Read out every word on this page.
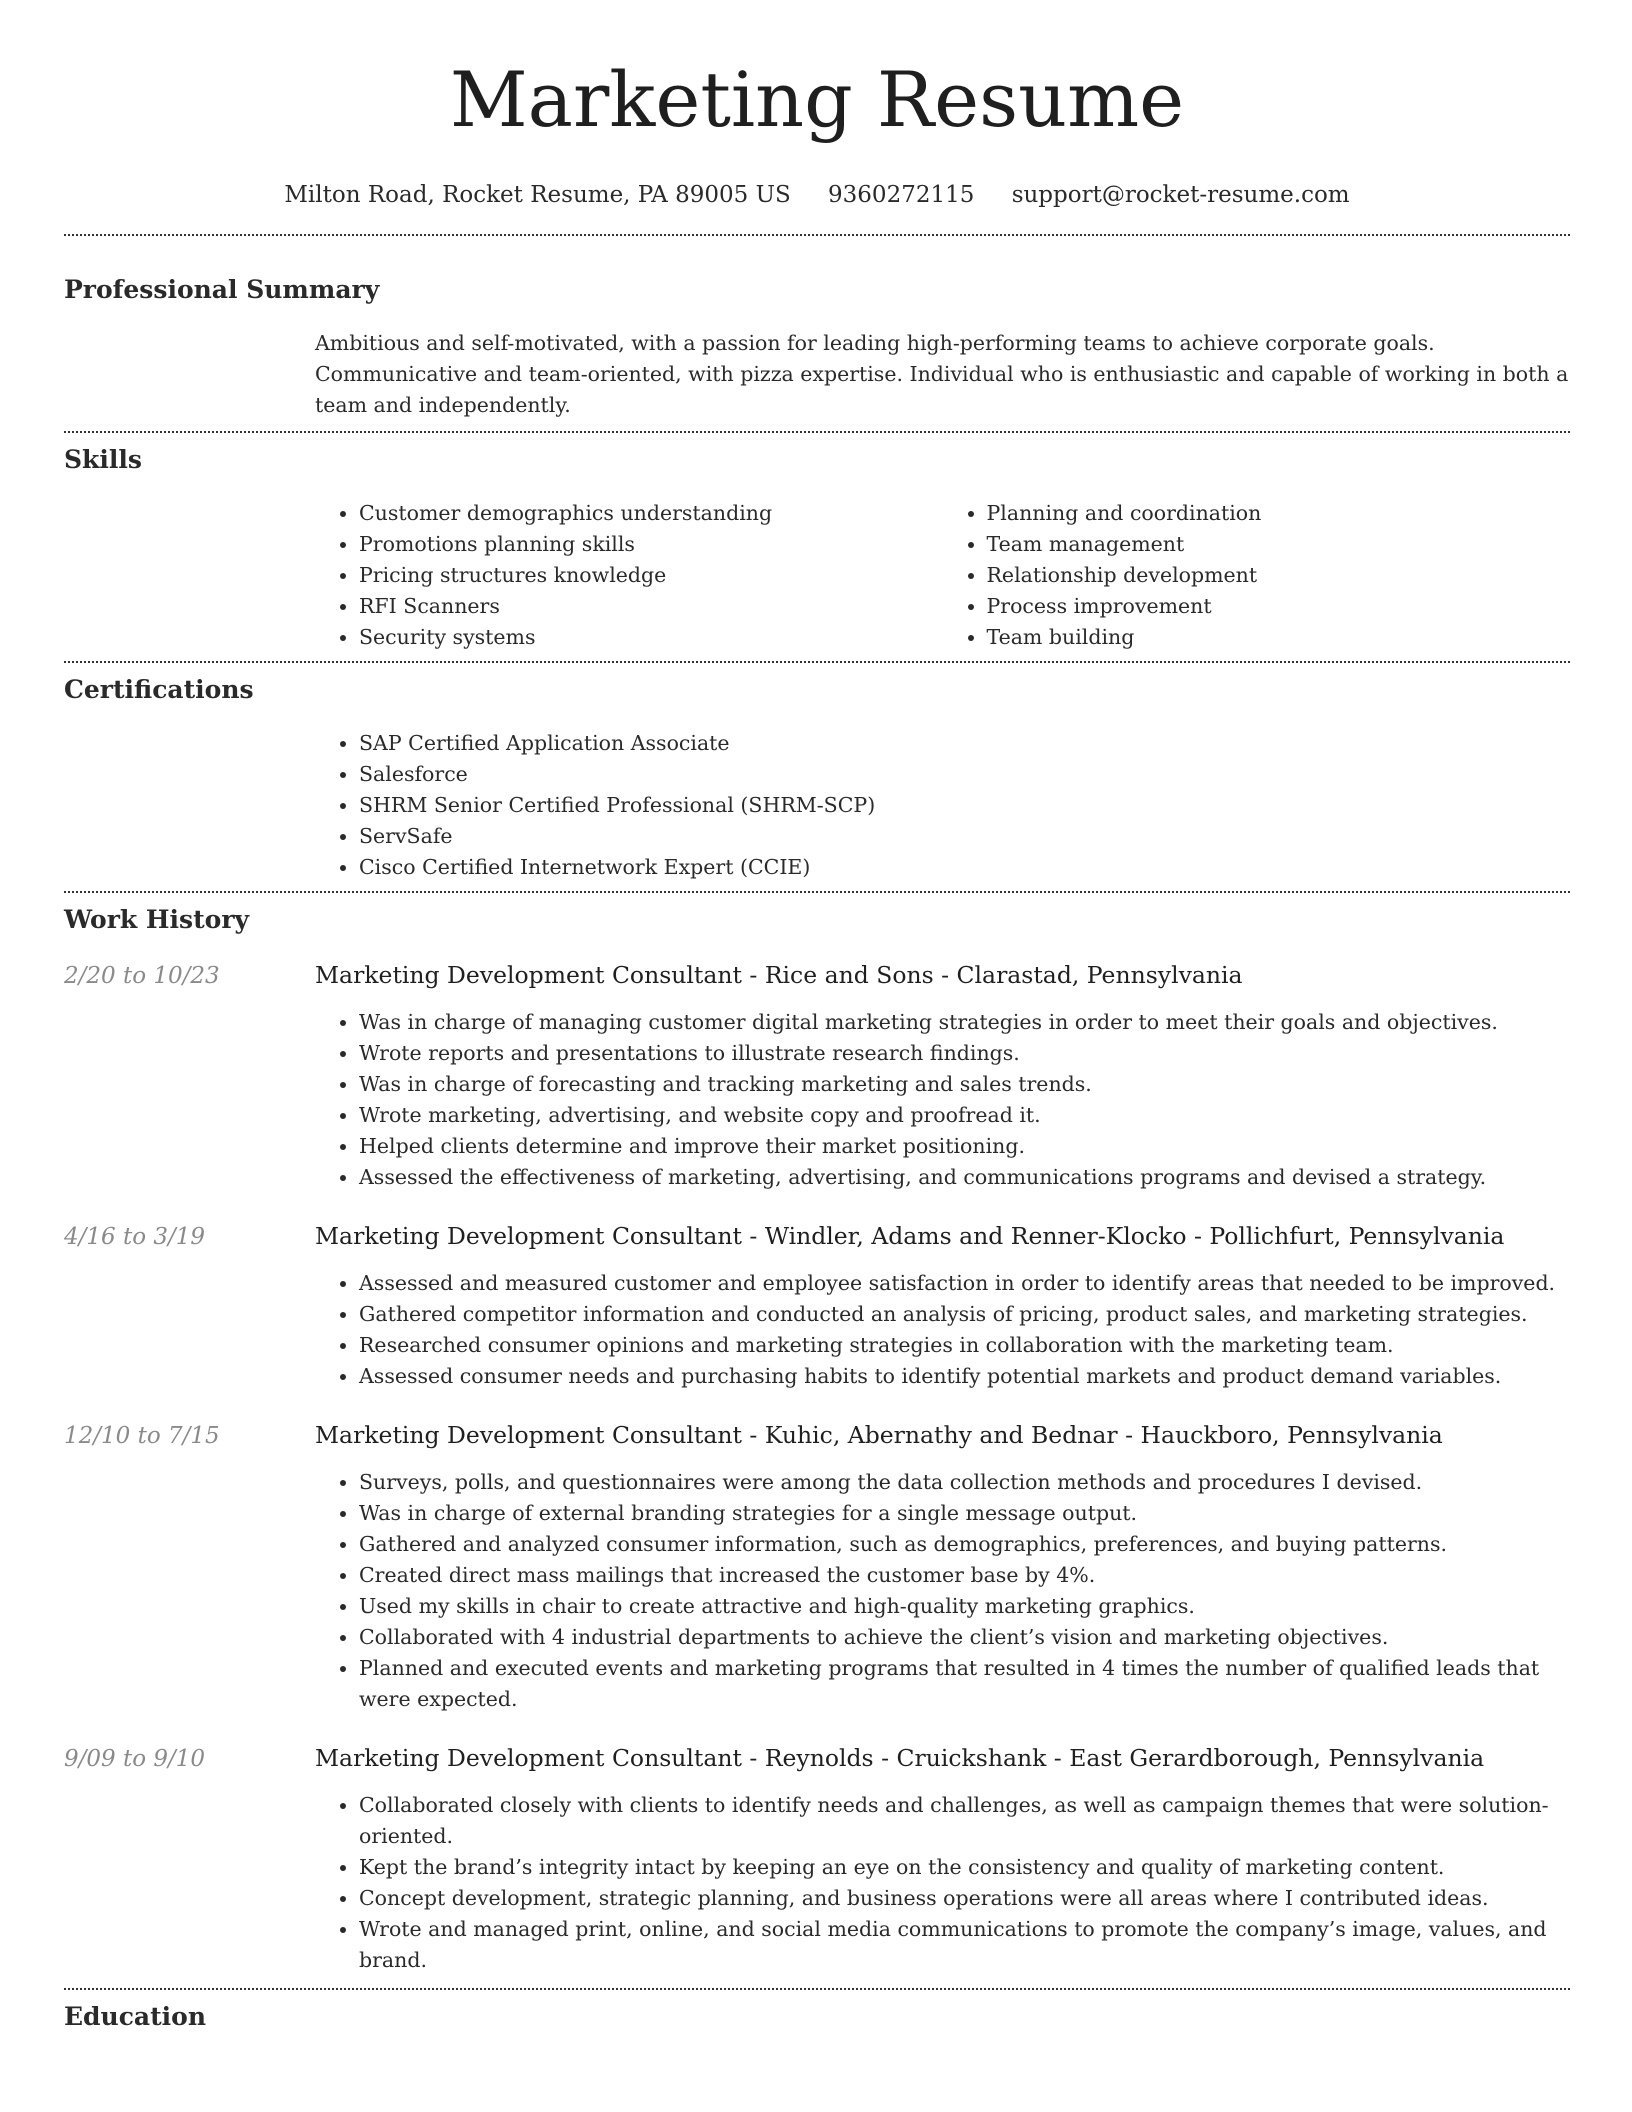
Marketing Resume
Milton Road, Rocket Resume, PA 89005 US 9360272115 support@rocket-resume.com
Professional Summary
Ambitious and self-motivated, with a passion for leading high-performing teams to achieve corporate goals. Communicative and team-oriented, with pizza expertise. Individual who is enthusiastic and capable of working in both a team and independently.
Skills
• Customer demographics understanding
• Promotions planning skills
• Pricing structures knowledge
• RFI Scanners
• Security systems
• Planning and coordination
• Team management
• Relationship development
• Process improvement
• Team building
Certifications
• SAP Certified Application Associate
• Salesforce
• SHRM Senior Certified Professional (SHRM-SCP)
• ServSafe
• Cisco Certified Internetwork Expert (CCIE)
Work History
2/20 to 10/23	Marketing Development Consultant - Rice and Sons - Clarastad, Pennsylvania
• Was in charge of managing customer digital marketing strategies in order to meet their goals and objectives.
• Wrote reports and presentations to illustrate research findings.
• Was in charge of forecasting and tracking marketing and sales trends.
• Wrote marketing, advertising, and website copy and proofread it.
• Helped clients determine and improve their market positioning.
• Assessed the effectiveness of marketing, advertising, and communications programs and devised a strategy.
4/16 to 3/19	Marketing Development Consultant - Windler, Adams and Renner-Klocko - Pollichfurt, Pennsylvania
• Assessed and measured customer and employee satisfaction in order to identify areas that needed to be improved.
• Gathered competitor information and conducted an analysis of pricing, product sales, and marketing strategies.
• Researched consumer opinions and marketing strategies in collaboration with the marketing team.
• Assessed consumer needs and purchasing habits to identify potential markets and product demand variables.
12/10 to 7/15	Marketing Development Consultant - Kuhic, Abernathy and Bednar - Hauckboro, Pennsylvania
• Surveys, polls, and questionnaires were among the data collection methods and procedures I devised.
• Was in charge of external branding strategies for a single message output.
• Gathered and analyzed consumer information, such as demographics, preferences, and buying patterns.
• Created direct mass mailings that increased the customer base by 4%.
• Used my skills in chair to create attractive and high-quality marketing graphics.
• Collaborated with 4 industrial departments to achieve the client’s vision and marketing objectives.
• Planned and executed events and marketing programs that resulted in 4 times the number of qualified leads that were expected.
9/09 to 9/10	Marketing Development Consultant - Reynolds - Cruickshank - East Gerardborough, Pennsylvania
• Collaborated closely with clients to identify needs and challenges, as well as campaign themes that were solution-oriented.
• Kept the brand’s integrity intact by keeping an eye on the consistency and quality of marketing content.
• Concept development, strategic planning, and business operations were all areas where I contributed ideas.
• Wrote and managed print, online, and social media communications to promote the company’s image, values, and brand.
Education
